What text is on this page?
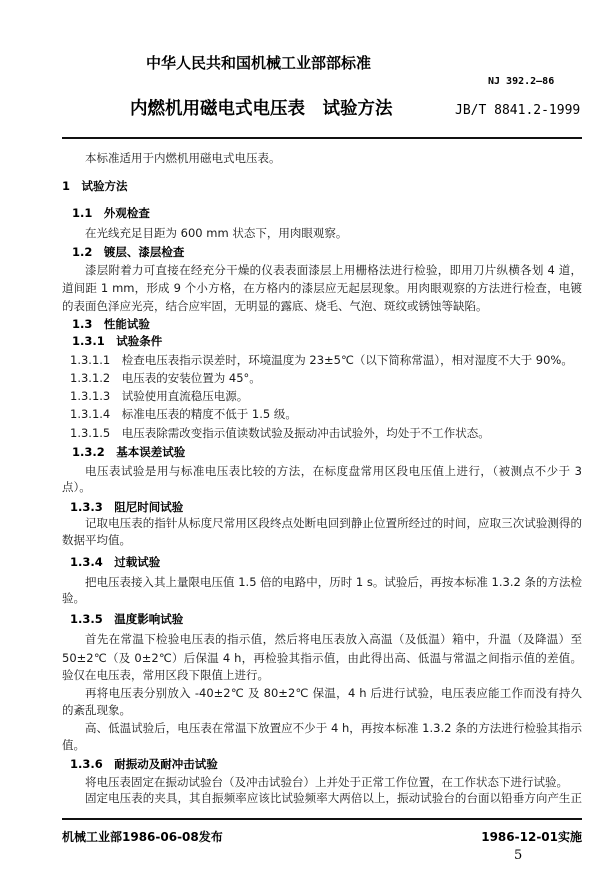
中华人民共和国机械工业部部标准
NJ 392.2—86
内燃机用磁电式电压表　试验方法	JB/T 8841.2-1999
本标准适用于内燃机用磁电式电压表。
1　试验方法
1.1　外观检查
在光线充足目距为 600 mm 状态下，用肉眼观察。
1.2　镀层、漆层检查
漆层附着力可直接在经充分干燥的仪表表面漆层上用栅格法进行检验，即用刀片纵横各划 4 道，
道间距 1 mm，形成 9 个小方格，在方格内的漆层应无起层现象。用肉眼观察的方法进行检查，电镀
的表面色泽应光亮，结合应牢固，无明显的露底、烧毛、气泡、斑纹或锈蚀等缺陷。
1.3　性能试验
1.3.1　试验条件
1.3.1.1　检查电压表指示误差时，环境温度为 23±5℃（以下简称常温），相对湿度不大于 90%。
1.3.1.2　电压表的安装位置为 45°。
1.3.1.3　试验使用直流稳压电源。
1.3.1.4　标准电压表的精度不低于 1.5 级。
1.3.1.5　电压表除需改变指示值读数试验及振动冲击试验外，均处于不工作状态。
1.3.2　基本误差试验
电压表试验是用与标准电压表比较的方法，在标度盘常用区段电压值上进行，（被测点不少于 3
点）。
1.3.3　阻尼时间试验
记取电压表的指针从标度尺常用区段终点处断电回到静止位置所经过的时间，应取三次试验测得的
数据平均值。
1.3.4　过载试验
把电压表接入其上量限电压值 1.5 倍的电路中，历时 1 s。试验后，再按本标准 1.3.2 条的方法检
验。
1.3.5　温度影响试验
首先在常温下检验电压表的指示值，然后将电压表放入高温（及低温）箱中，升温（及降温）至
50±2℃（及 0±2℃）后保温 4 h，再检验其指示值，由此得出高、低温与常温之间指示值的差值。
验仅在电压表，常用区段下限值上进行。
再将电压表分别放入 -40±2℃ 及 80±2℃ 保温，4 h 后进行试验，电压表应能工作而没有持久
的紊乱现象。
高、低温试验后，电压表在常温下放置应不少于 4 h，再按本标准 1.3.2 条的方法进行检验其指示
值。
1.3.6　耐振动及耐冲击试验
将电压表固定在振动试验台（及冲击试验台）上并处于正常工作位置，在工作状态下进行试验。
固定电压表的夹具，其自振频率应该比试验频率大两倍以上，振动试验台的台面以铅垂方向产生正
机械工业部1986-06-08发布	1986-12-01实施
5
